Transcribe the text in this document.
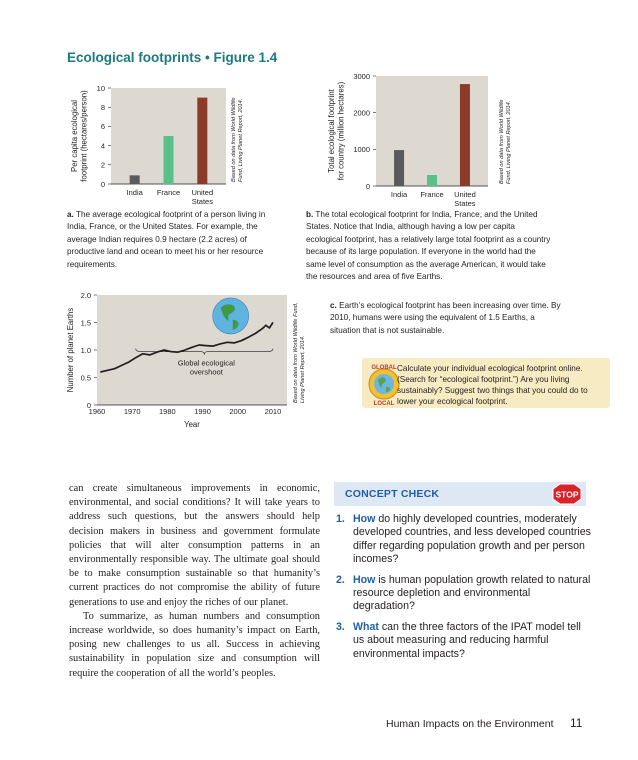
Ecological footprints • Figure 1.4
0
2
4
6
8
10
India France United States
Per capita ecologicalfootprint (hectares/person)	Based on data from World WildlifeFund, Living Planet Report, 2014.
0
1000
2000
3000
India France United States
Total ecological footprintfor country (million hectares)	Based on data from World WildlifeFund, Living Planet Report, 2014.
a. The average ecological footprint of a person living in India, France, or the United States. For example, the average Indian requires 0.9 hectare (2.2 acres) of productive land and ocean to meet his or her resource requirements.
b. The total ecological footprint for India, France, and the United States. Notice that India, although having a low per capita ecological footprint, has a relatively large total footprint as a country because of its large population. If everyone in the world had the same level of consumption as the average American, it would take the resources and area of five Earths.
0
0.5
1.0
1.5
2.0
1960 1970 1980 1990 2000 2010
Year
Number of planet Earths	Global ecological overshoot	Based on data from World Wildlife Fund,Living Planet Report, 2014.
c. Earth’s ecological footprint has been increasing over time. By 2010, humans were using the equivalent of 1.5 Earths, a situation that is not sustainable.
GLOBAL
LOCAL
Calculate your individual ecological footprint online. (Search for “ecological footprint.”) Are you living sustainably? Suggest two things that you could do to lower your ecological footprint.

can create simultaneous improvements in economic, environmental, and social conditions? It will take years to address such questions, but the answers should help decision makers in business and government formulate policies that will alter consumption patterns in an environmentally responsible way. The ultimate goal should be to make consumption sustainable so that humanity’s current practices do not compromise the ability of future generations to use and enjoy the riches of our planet.

To summarize, as human numbers and consumption increase worldwide, so does humanity’s impact on Earth, posing new challenges to us all. Success in achieving sustainability in population size and consumption will require the cooperation of all the world’s peoples.

CONCEPT CHECK	STOP
1. How do highly developed countries, moderately developed countries, and less developed countries differ regarding population growth and per person incomes?
2. How is human population growth related to natural resource depletion and environmental degradation?
3. What can the three factors of the IPAT model tell us about measuring and reducing harmful environmental impacts?
Human Impacts on the Environment 11
